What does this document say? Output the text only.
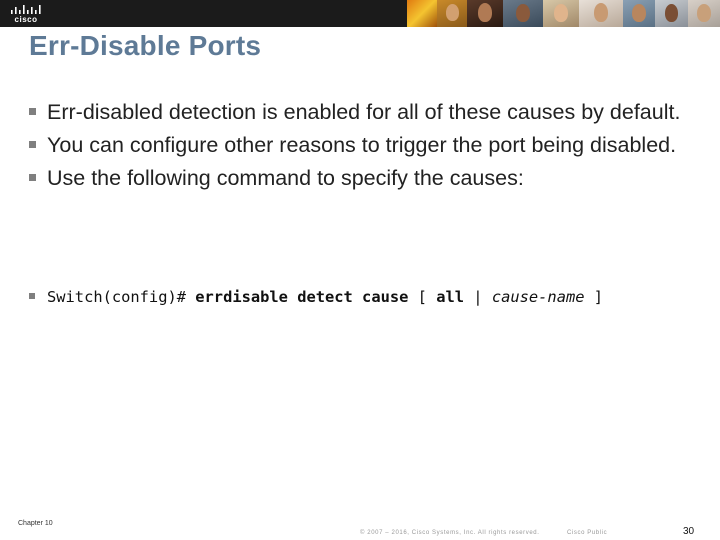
cisco
Err-Disable Ports
Err-disabled detection is enabled for all of these causes by default.
You can configure other reasons to trigger the port being disabled.
Use the following command to specify the causes:
Switch(config)# errdisable detect cause [ all | cause-name ]
Chapter 10
© 2007 – 2016, Cisco Systems, Inc. All rights reserved.	Cisco Public	30
